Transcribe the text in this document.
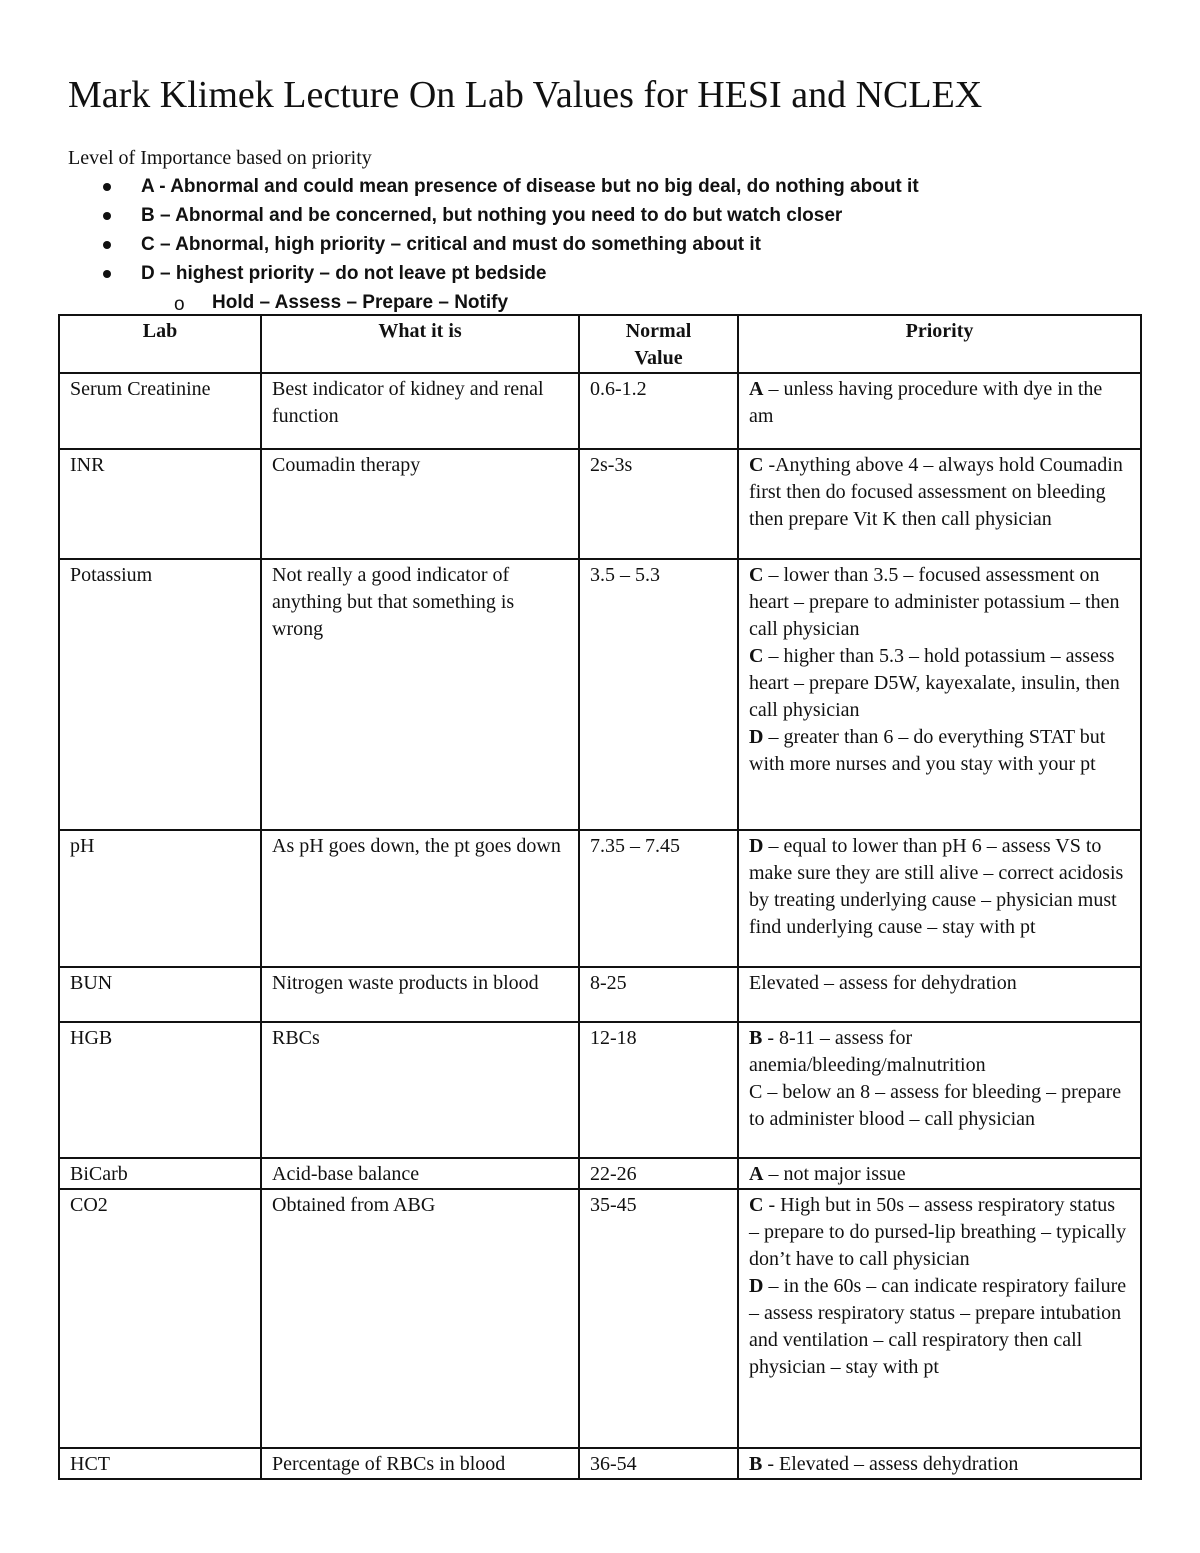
Mark Klimek Lecture On Lab Values for HESI and NCLEX
Level of Importance based on priority
A - Abnormal and could mean presence of disease but no big deal, do nothing about it
B – Abnormal and be concerned, but nothing you need to do but watch closer
C – Abnormal, high priority – critical and must do something about it
D – highest priority – do not leave pt bedside
o Hold – Assess – Prepare – Notify
Lab	What it is	Normal Value	Priority
Serum Creatinine	Best indicator of kidney and renal function	0.6-1.2	A – unless having procedure with dye in the am

INR	Coumadin therapy	2s-3s	C -Anything above 4 – always hold Coumadin first then do focused assessment on bleeding then prepare Vit K then call physician

Potassium	Not really a good indicator of anything but that something is wrong	3.5 – 5.3	C – lower than 3.5 – focused assessment on heart – prepare to administer potassium – then call physician
C – higher than 5.3 – hold potassium – assess heart – prepare D5W, kayexalate, insulin, then call physician
D – greater than 6 – do everything STAT but with more nurses and you stay with your pt

pH	As pH goes down, the pt goes down	7.35 – 7.45	D – equal to lower than pH 6 – assess VS to make sure they are still alive – correct acidosis by treating underlying cause – physician must find underlying cause – stay with pt

BUN	Nitrogen waste products in blood	8-25	Elevated – assess for dehydration

HGB	RBCs	12-18	B - 8-11 – assess for anemia/bleeding/malnutrition
C – below an 8 – assess for bleeding – prepare to administer blood – call physician

BiCarb	Acid-base balance	22-26	A – not major issue

CO2	Obtained from ABG	35-45	C - High but in 50s – assess respiratory status – prepare to do pursed-lip breathing – typically don’t have to call physician
D – in the 60s – can indicate respiratory failure – assess respiratory status – prepare intubation and ventilation – call respiratory then call physician – stay with pt

HCT	Percentage of RBCs in blood	36-54	B - Elevated – assess dehydration
